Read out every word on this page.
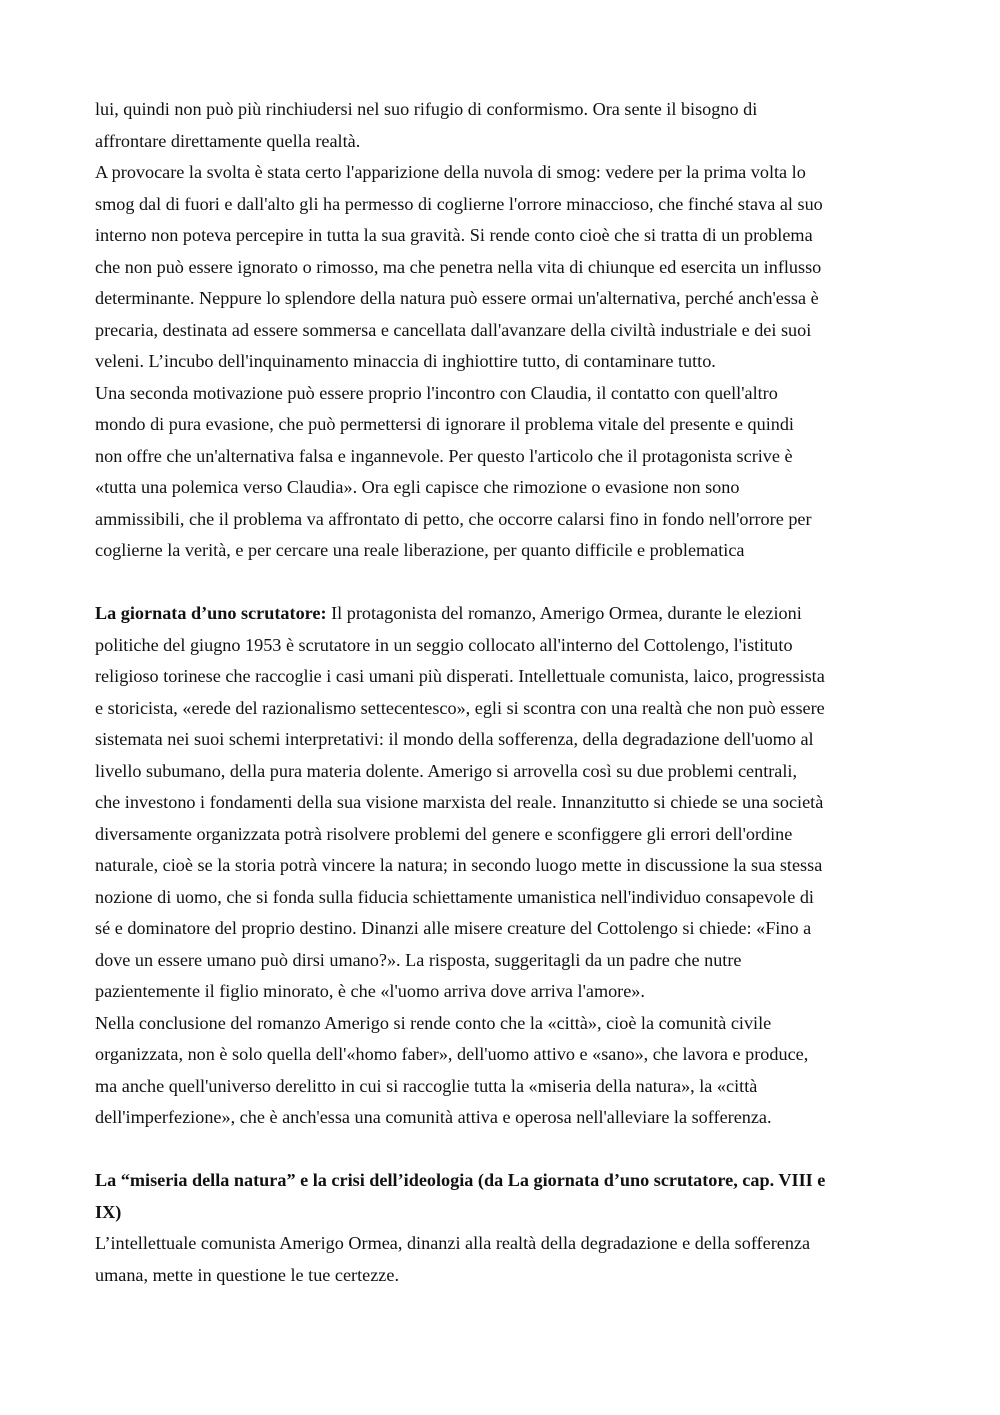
lui, quindi non può più rinchiudersi nel suo rifugio di conformismo. Ora sente il bisogno di
affrontare direttamente quella realtà.
A provocare la svolta è stata certo l'apparizione della nuvola di smog: vedere per la prima volta lo
smog dal di fuori e dall'alto gli ha permesso di coglierne l'orrore minaccioso, che finché stava al suo
interno non poteva percepire in tutta la sua gravità. Si rende conto cioè che si tratta di un problema
che non può essere ignorato o rimosso, ma che penetra nella vita di chiunque ed esercita un influsso
determinante. Neppure lo splendore della natura può essere ormai un'alternativa, perché anch'essa è
precaria, destinata ad essere sommersa e cancellata dall'avanzare della civiltà industriale e dei suoi
veleni. L’incubo dell'inquinamento minaccia di inghiottire tutto, di contaminare tutto.
Una seconda motivazione può essere proprio l'incontro con Claudia, il contatto con quell'altro
mondo di pura evasione, che può permettersi di ignorare il problema vitale del presente e quindi
non offre che un'alternativa falsa e ingannevole. Per questo l'articolo che il protagonista scrive è
«tutta una polemica verso Claudia». Ora egli capisce che rimozione o evasione non sono
ammissibili, che il problema va affrontato di petto, che occorre calarsi fino in fondo nell'orrore per
coglierne la verità, e per cercare una reale liberazione, per quanto difficile e problematica
La giornata d’uno scrutatore: Il protagonista del romanzo, Amerigo Ormea, durante le elezioni
politiche del giugno 1953 è scrutatore in un seggio collocato all'interno del Cottolengo, l'istituto
religioso torinese che raccoglie i casi umani più disperati. Intellettuale comunista, laico, progressista
e storicista, «erede del razionalismo settecentesco», egli si scontra con una realtà che non può essere
sistemata nei suoi schemi interpretativi: il mondo della sofferenza, della degradazione dell'uomo al
livello subumano, della pura materia dolente. Amerigo si arrovella così su due problemi centrali,
che investono i fondamenti della sua visione marxista del reale. Innanzitutto si chiede se una società
diversamente organizzata potrà risolvere problemi del genere e sconfiggere gli errori dell'ordine
naturale, cioè se la storia potrà vincere la natura; in secondo luogo mette in discussione la sua stessa
nozione di uomo, che si fonda sulla fiducia schiettamente umanistica nell'individuo consapevole di
sé e dominatore del proprio destino. Dinanzi alle misere creature del Cottolengo si chiede: «Fino a
dove un essere umano può dirsi umano?». La risposta, suggeritagli da un padre che nutre
pazientemente il figlio minorato, è che «l'uomo arriva dove arriva l'amore».
Nella conclusione del romanzo Amerigo si rende conto che la «città», cioè la comunità civile
organizzata, non è solo quella dell'«homo faber», dell'uomo attivo e «sano», che lavora e produce,
ma anche quell'universo derelitto in cui si raccoglie tutta la «miseria della natura», la «città
dell'imperfezione», che è anch'essa una comunità attiva e operosa nell'alleviare la sofferenza.
La “miseria della natura” e la crisi dell’ideologia (da La giornata d’uno scrutatore, cap. VIII e
IX)
L’intellettuale comunista Amerigo Ormea, dinanzi alla realtà della degradazione e della sofferenza
umana, mette in questione le tue certezze.
